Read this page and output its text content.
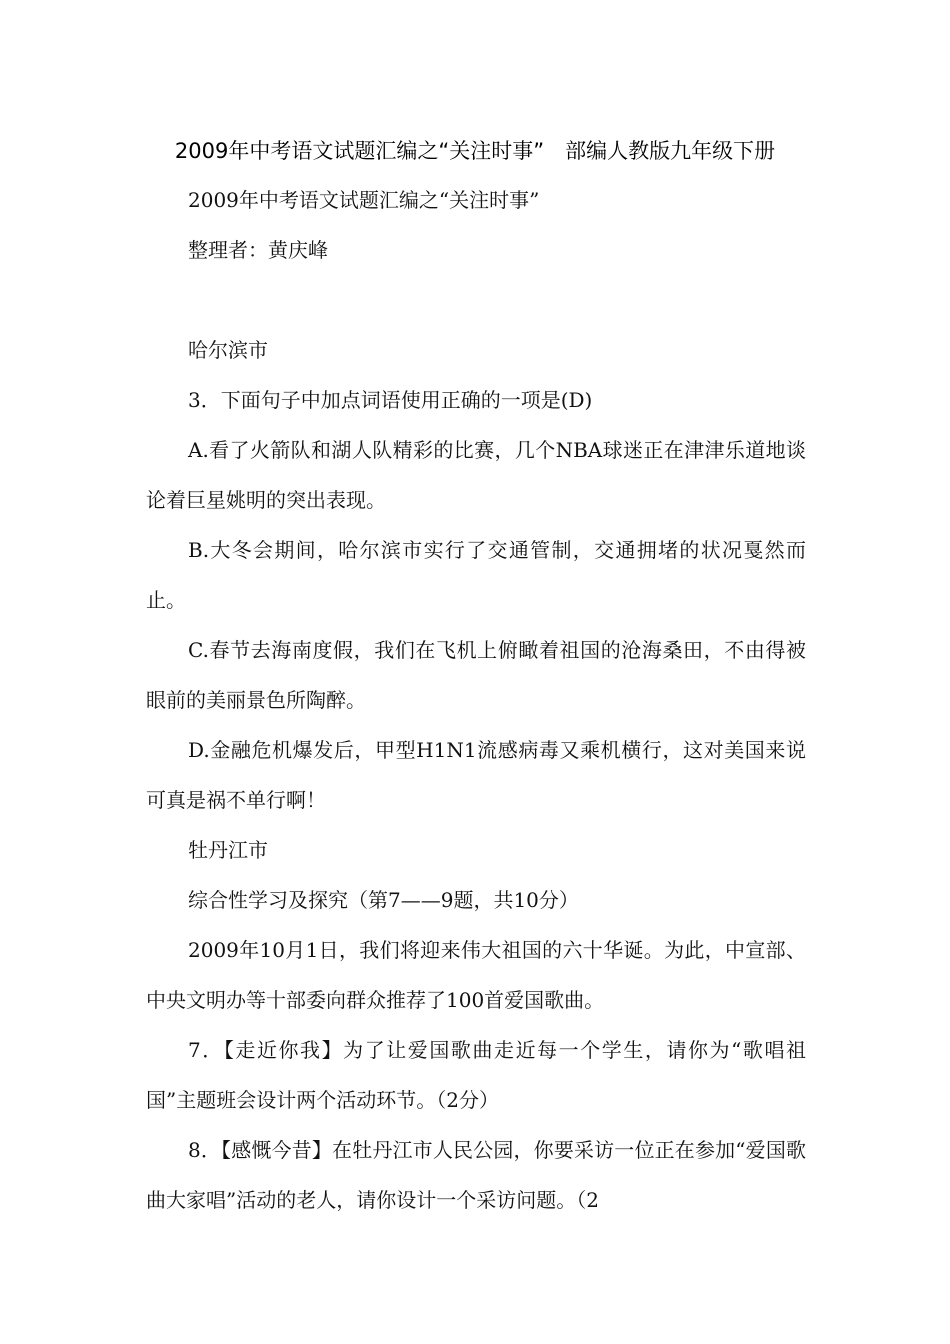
2009年中考语文试题汇编之“关注时事”　部编人教版九年级下册
2009年中考语文试题汇编之“关注时事”
整理者：黄庆峰
哈尔滨市
3．下面句子中加点词语使用正确的一项是(D)
A.看了火箭队和湖人队精彩的比赛，几个NBA球迷正在津津乐道地谈论着巨星姚明的突出表现。
B.大冬会期间，哈尔滨市实行了交通管制，交通拥堵的状况戛然而止。
C.春节去海南度假，我们在飞机上俯瞰着祖国的沧海桑田，不由得被眼前的美丽景色所陶醉。
D.金融危机爆发后，甲型H1N1流感病毒又乘机横行，这对美国来说可真是祸不单行啊！
牡丹江市
综合性学习及探究（第7——9题，共10分）
2009年10月1日，我们将迎来伟大祖国的六十华诞。为此，中宣部、中央文明办等十部委向群众推荐了100首爱国歌曲。
7．【走近你我】为了让爱国歌曲走近每一个学生，请你为“歌唱祖国”主题班会设计两个活动环节。（2分）
8．【感慨今昔】在牡丹江市人民公园，你要采访一位正在参加“爱国歌曲大家唱”活动的老人，请你设计一个采访问题。（2
